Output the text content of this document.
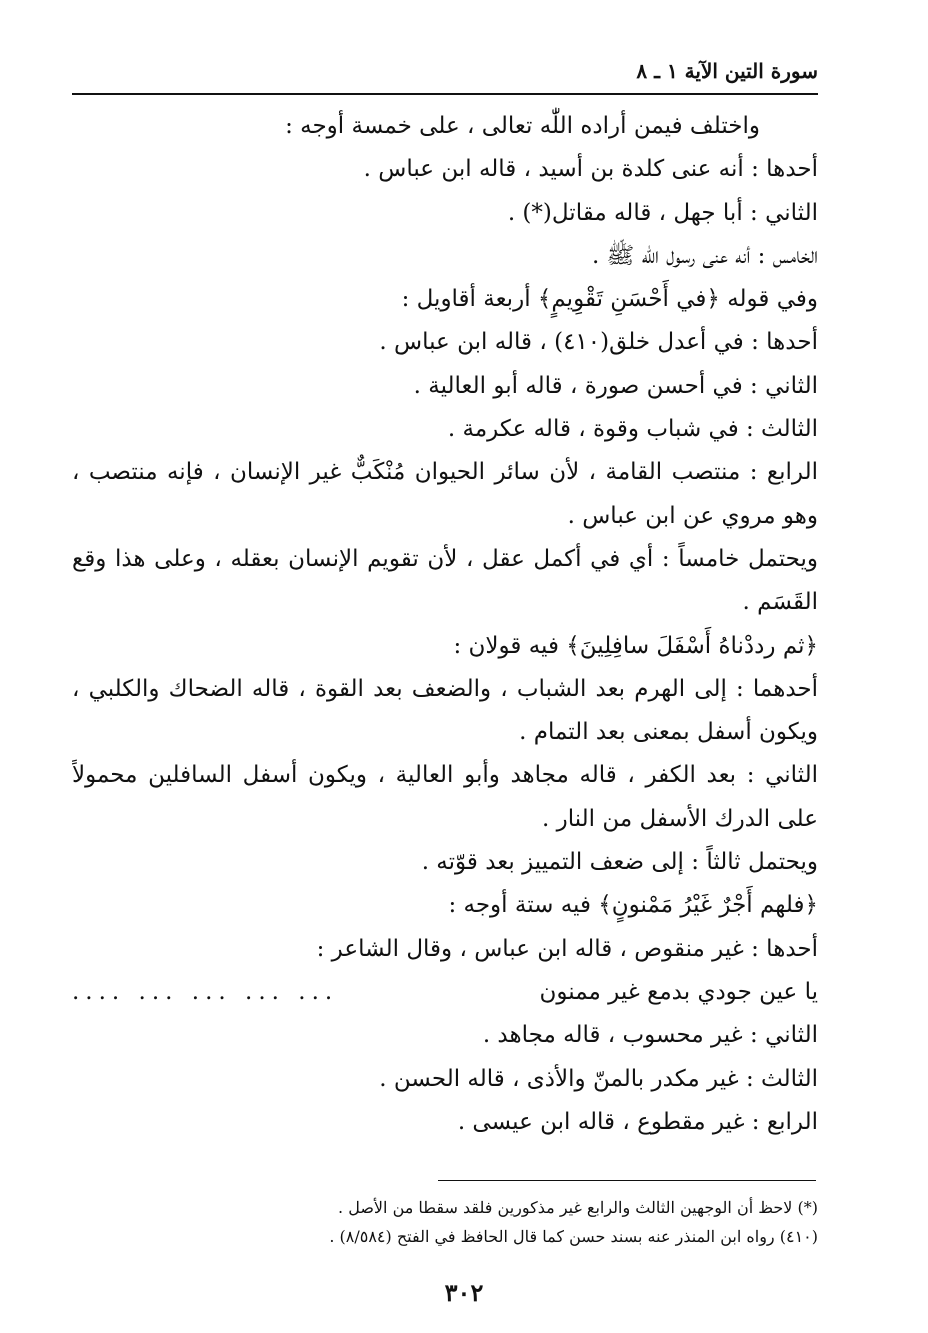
سورة التين الآية ١ ـ ٨

واختلف فيمن أراده اللّٰه تعالى ، على خمسة أوجه :

أحدها : أنه عنى كلدة بن أسيد ، قاله ابن عباس .

الثاني : أبا جهل ، قاله مقاتل(*) .

الخامس : أنه عنى رسول اللّٰه ﷺ .

وفي قوله ﴿في أَحْسَنِ تَقْوِيمٍ﴾ أربعة أقاويل :

أحدها : في أعدل خلق(٤١٠) ، قاله ابن عباس .

الثاني : في أحسن صورة ، قاله أبو العالية .

الثالث : في شباب وقوة ، قاله عكرمة .

الرابع : منتصب القامة ، لأن سائر الحيوان مُنْكَبٌّ غير الإنسان ، فإنه منتصب ، وهو مروي عن ابن عباس .

ويحتمل خامساً : أي في أكمل عقل ، لأن تقويم الإنسان بعقله ، وعلى هذا وقع القَسَم .

﴿ثم رددْناهُ أَسْفَلَ سافِلِينَ﴾ فيه قولان :

أحدهما : إلى الهرم بعد الشباب ، والضعف بعد القوة ، قاله الضحاك والكلبي ، ويكون أسفل بمعنى بعد التمام .

الثاني : بعد الكفر ، قاله مجاهد وأبو العالية ، ويكون أسفل السافلين محمولاً على الدرك الأسفل من النار .

ويحتمل ثالثاً : إلى ضعف التمييز بعد قوّته .

﴿فلهم أَجْرٌ غَيْرُ مَمْنونٍ﴾ فيه ستة أوجه :

أحدها : غير منقوص ، قاله ابن عباس ، وقال الشاعر :

يا عين جودي بدمع غير ممنون
... ... ... ... ....

الثاني : غير محسوب ، قاله مجاهد .

الثالث : غير مكدر بالمنّ والأذى ، قاله الحسن .

الرابع : غير مقطوع ، قاله ابن عيسى .

(*) لاحظ أن الوجهين الثالث والرابع غير مذكورين فلقد سقطا من الأصل .

(٤١٠) رواه ابن المنذر عنه بسند حسن كما قال الحافظ في الفتح (٨/٥٨٤) .

٣٠٢
